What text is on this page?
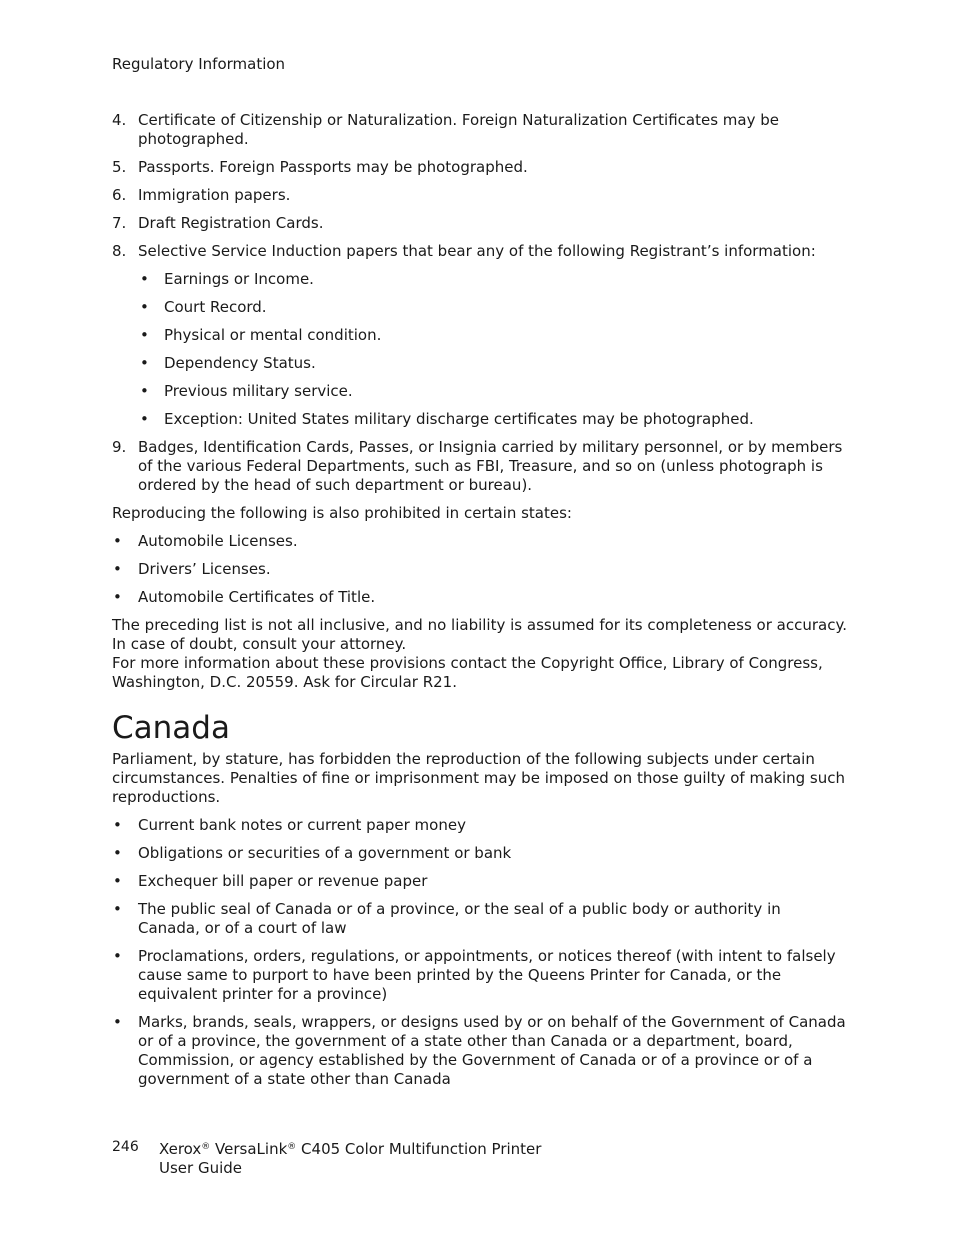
Regulatory Information
4. Certificate of Citizenship or Naturalization. Foreign Naturalization Certificates may be photographed.
5. Passports. Foreign Passports may be photographed.
6. Immigration papers.
7. Draft Registration Cards.
8. Selective Service Induction papers that bear any of the following Registrant’s information:
• Earnings or Income.
• Court Record.
• Physical or mental condition.
• Dependency Status.
• Previous military service.
• Exception: United States military discharge certificates may be photographed.
9. Badges, Identification Cards, Passes, or Insignia carried by military personnel, or by members of the various Federal Departments, such as FBI, Treasure, and so on (unless photograph is ordered by the head of such department or bureau).
Reproducing the following is also prohibited in certain states:
• Automobile Licenses.
• Drivers’ Licenses.
• Automobile Certificates of Title.
The preceding list is not all inclusive, and no liability is assumed for its completeness or accuracy. In case of doubt, consult your attorney.
For more information about these provisions contact the Copyright Office, Library of Congress, Washington, D.C. 20559. Ask for Circular R21.
Canada
Parliament, by stature, has forbidden the reproduction of the following subjects under certain circumstances. Penalties of fine or imprisonment may be imposed on those guilty of making such reproductions.
• Current bank notes or current paper money
• Obligations or securities of a government or bank
• Exchequer bill paper or revenue paper
• The public seal of Canada or of a province, or the seal of a public body or authority in Canada, or of a court of law
• Proclamations, orders, regulations, or appointments, or notices thereof (with intent to falsely cause same to purport to have been printed by the Queens Printer for Canada, or the equivalent printer for a province)
• Marks, brands, seals, wrappers, or designs used by or on behalf of the Government of Canada or of a province, the government of a state other than Canada or a department, board, Commission, or agency established by the Government of Canada or of a province or of a government of a state other than Canada
246 Xerox® VersaLink® C405 Color Multifunction Printer
User Guide
